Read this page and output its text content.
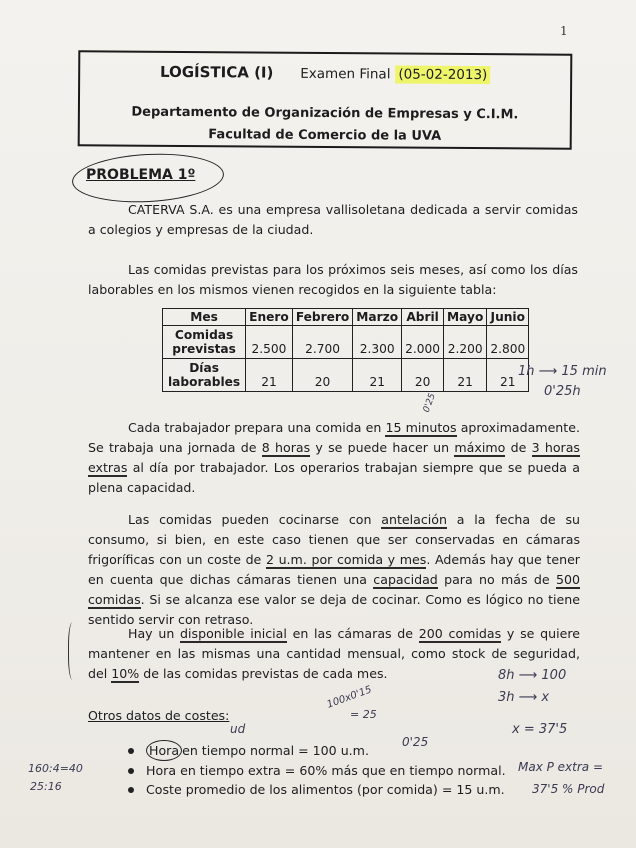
1
LOGÍSTICA (I) Examen Final (05-02-2013)
Departamento de Organización de Empresas y C.I.M.
Facultad de Comercio de la UVA
PROBLEMA 1º

CATERVA S.A. es una empresa vallisoletana dedicada a servir comidas a colegios y empresas de la ciudad.

Las comidas previstas para los próximos seis meses, así como los días laborables en los mismos vienen recogidos en la siguiente tabla:

Mes	Enero	Febrero	Marzo	Abril	Mayo	Junio

Comidas
previstas	2.500	2.700	2.300	2.000	2.200	2.800

Días
laborables	21	20	21	20	21	21

Cada trabajador prepara una comida en 15 minutos aproximadamente. Se trabaja una jornada de 8 horas y se puede hacer un máximo de 3 horas extras al día por trabajador. Los operarios trabajan siempre que se pueda a plena capacidad.

Las comidas pueden cocinarse con antelación a la fecha de su consumo, si bien, en este caso tienen que ser conservadas en cámaras frigoríficas con un coste de 2 u.m. por comida y mes. Además hay que tener en cuenta que dichas cámaras tienen una capacidad para no más de 500 comidas. Si se alcanza ese valor se deja de cocinar. Como es lógico no tiene sentido servir con retraso.

Hay un disponible inicial en las cámaras de 200 comidas y se quiere mantener en las mismas una cantidad mensual, como stock de seguridad, del 10% de las comidas previstas de cada mes.

Otros datos de costes:
Hora en tiempo normal = 100 u.m.
Hora en tiempo extra = 60% más que en tiempo normal.
Coste promedio de los alimentos (por comida) = 15 u.m.
1h ⟶ 15 min
0'25h
0'25
8h ⟶ 100
3h ⟶ x
x = 37'5
Max P extra =
37'5 % Prod
100x0'15
= 25
ud
0'25
160:4=40
25:16
